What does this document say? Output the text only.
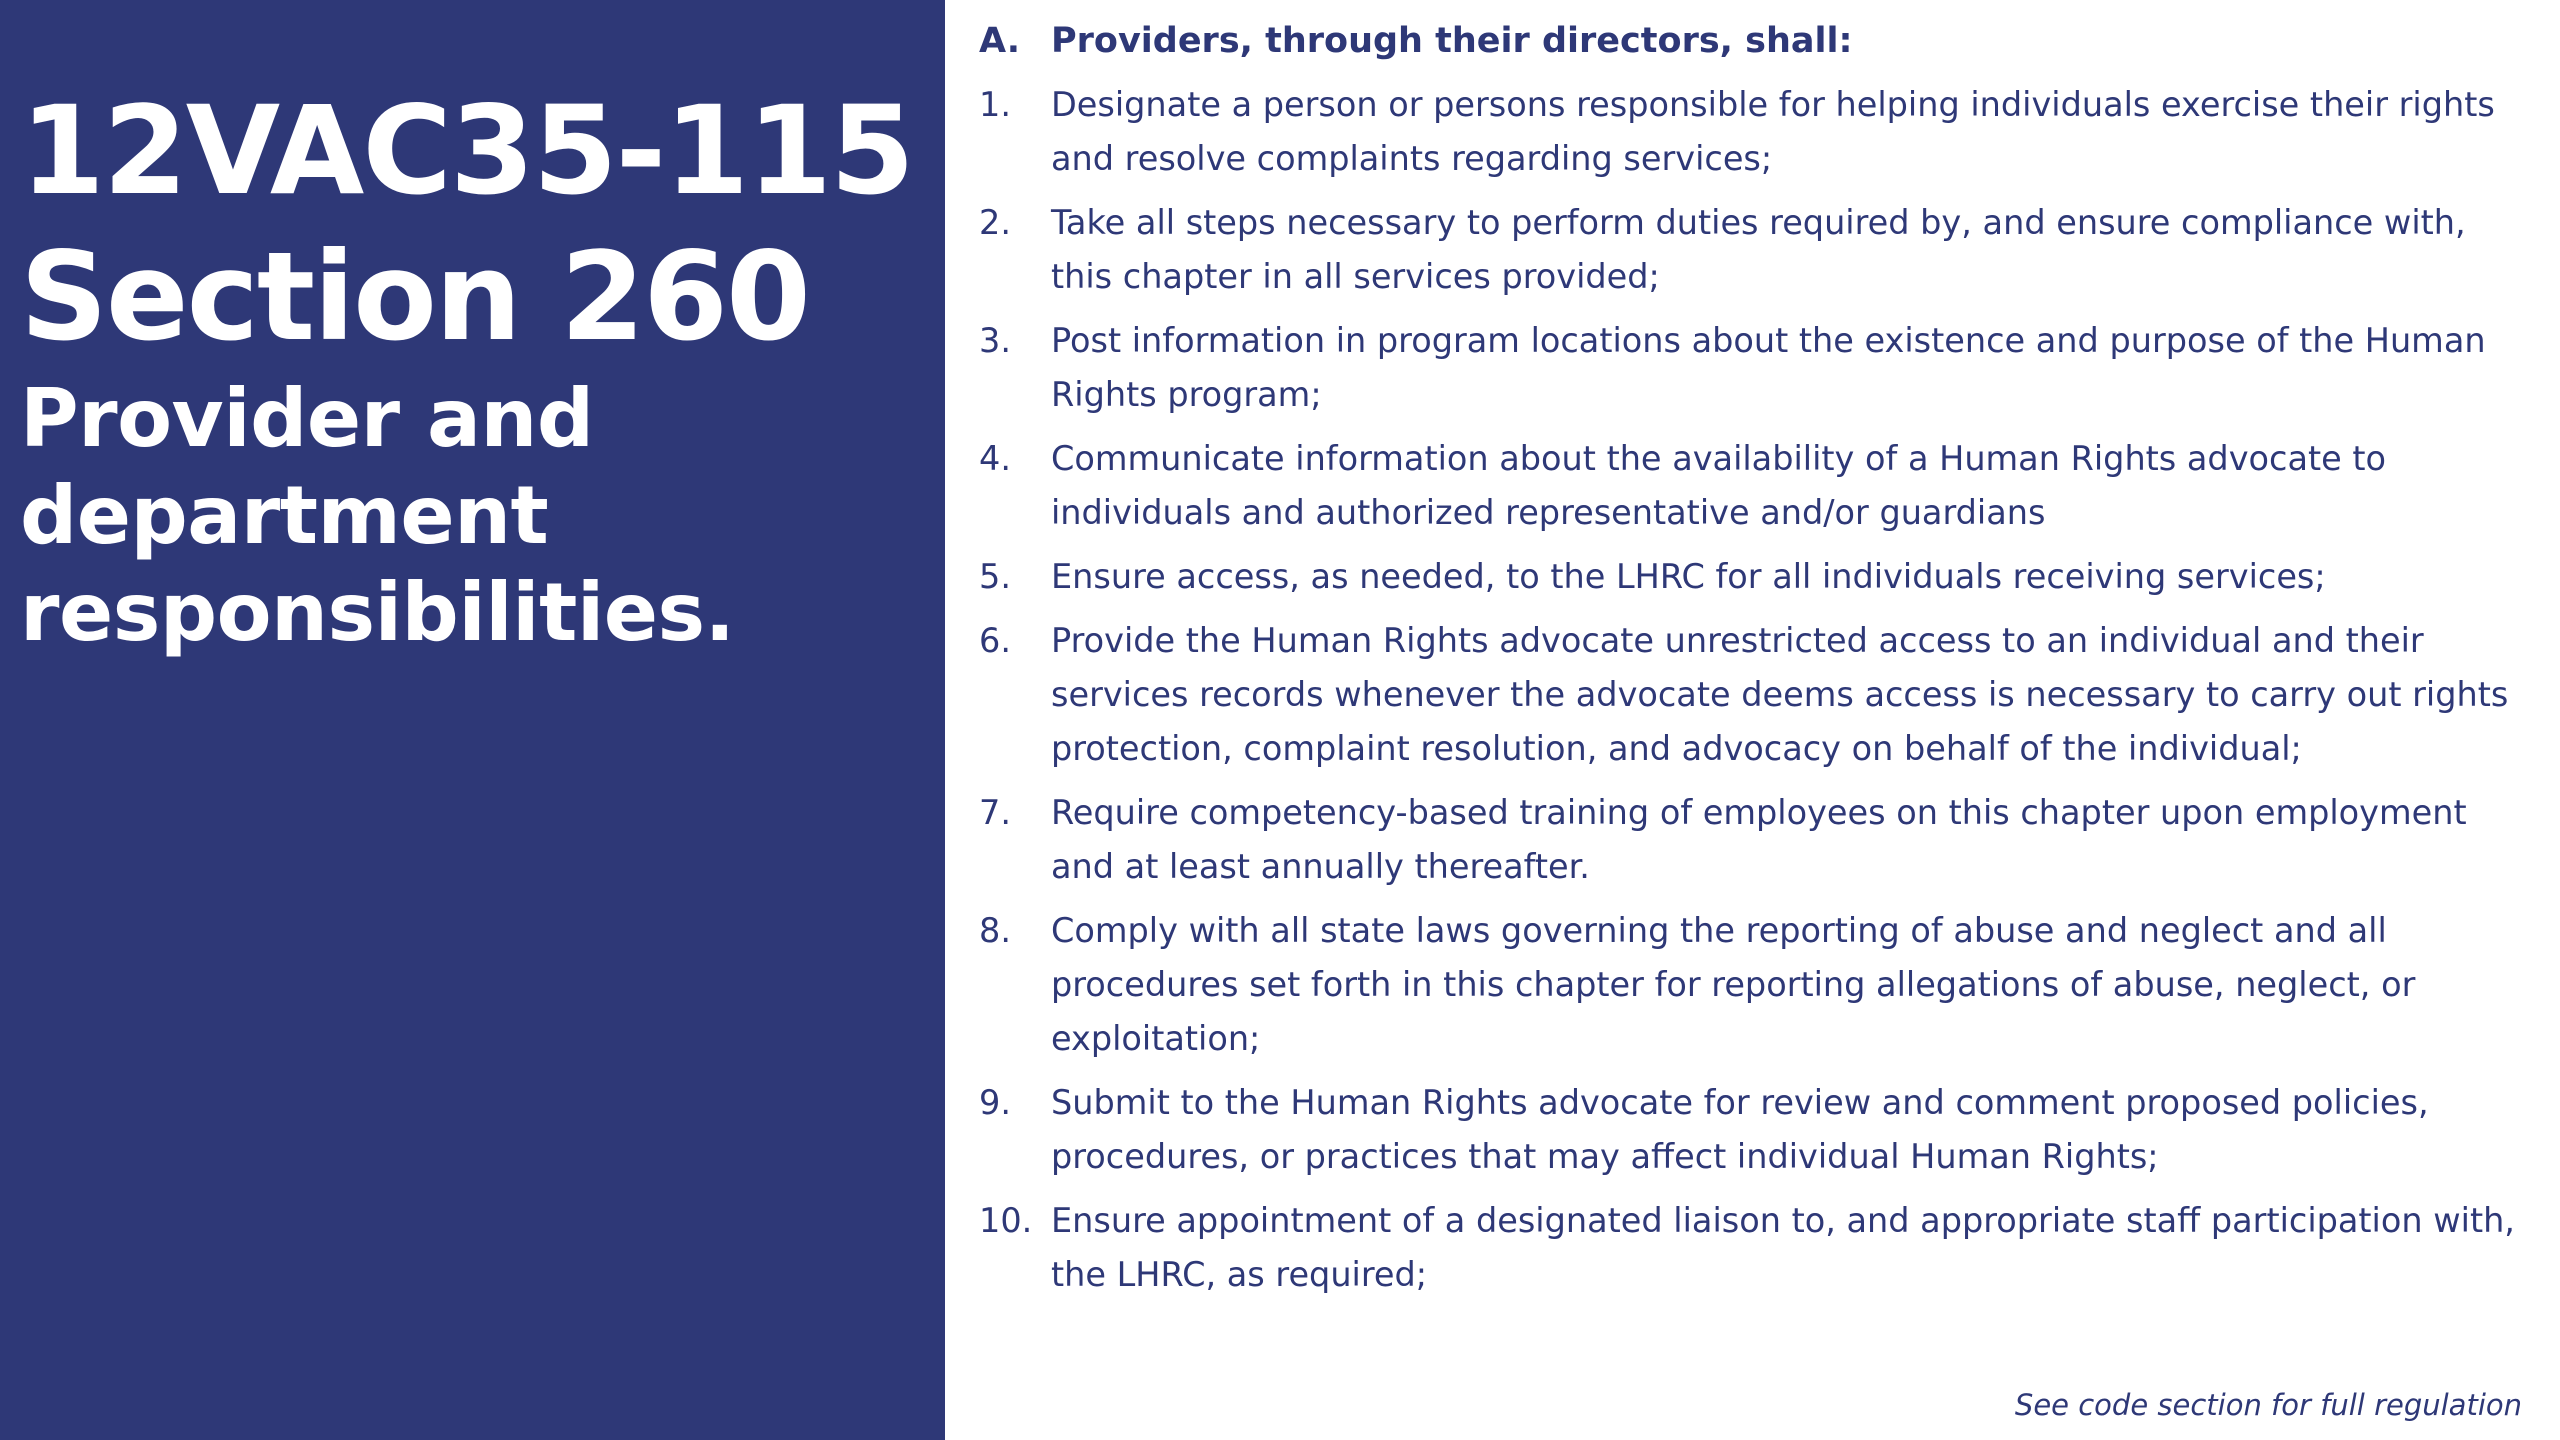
12VAC35-115
Section 260
Provider and department responsibilities.
A. Providers, through their directors, shall:
1.	Designate a person or persons responsible for helping individuals exercise their rights and resolve complaints regarding services;
2.	Take all steps necessary to perform duties required by, and ensure compliance with, this chapter in all services provided;
3.	Post information in program locations about the existence and purpose of the Human Rights program;
4.	Communicate information about the availability of a Human Rights advocate to individuals and authorized representative and/or guardians
5.	Ensure access, as needed, to the LHRC for all individuals receiving services;
6.	Provide the Human Rights advocate unrestricted access to an individual and their services records whenever the advocate deems access is necessary to carry out rights protection, complaint resolution, and advocacy on behalf of the individual;
7.	Require competency-based training of employees on this chapter upon employment and at least annually thereafter.
8.	Comply with all state laws governing the reporting of abuse and neglect and all procedures set forth in this chapter for reporting allegations of abuse, neglect, or exploitation;
9.	Submit to the Human Rights advocate for review and comment proposed policies, procedures, or practices that may affect individual Human Rights;
10. Ensure appointment of a designated liaison to, and appropriate staff participation with, the LHRC, as required;
See code section for full regulation
